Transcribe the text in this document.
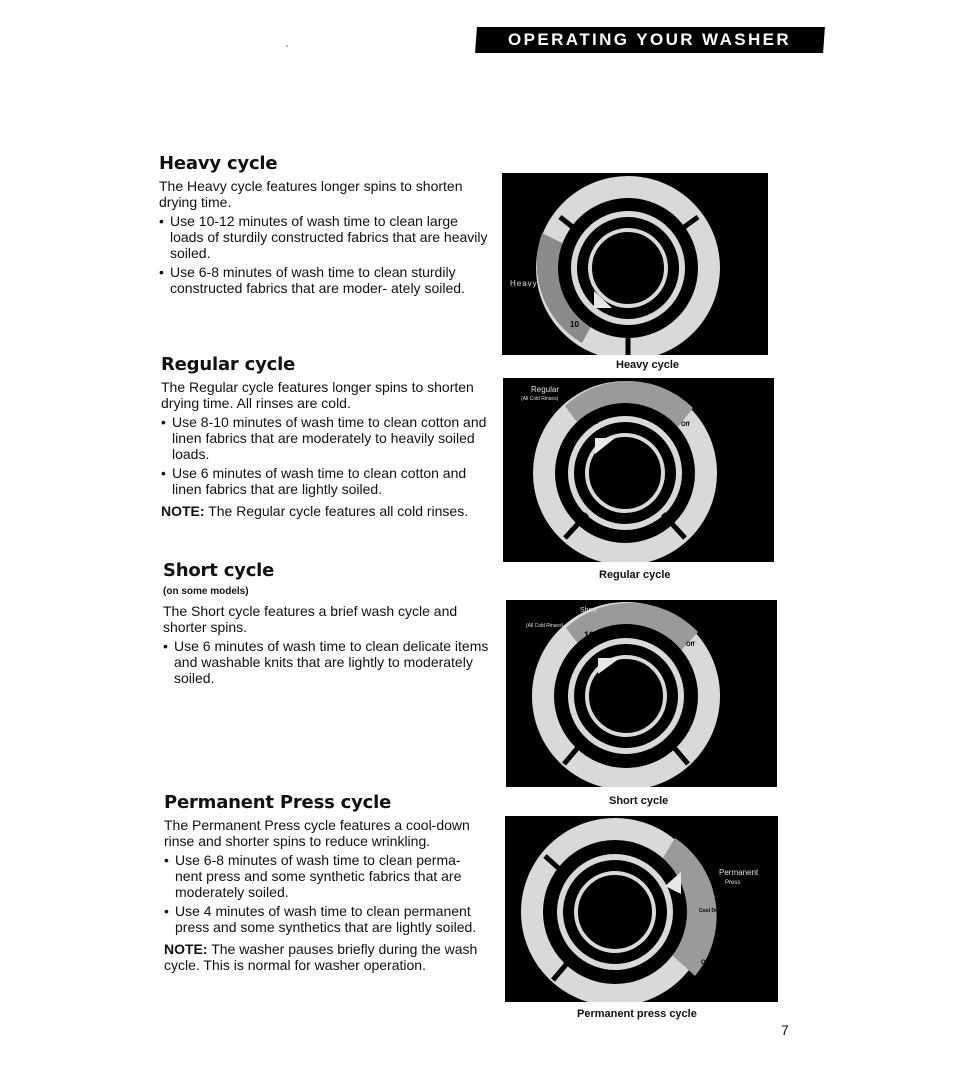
OPERATING YOUR WASHER
'
Heavy cycle

The Heavy cycle features longer spins to shorten drying time.

• Use 10-12 minutes of wash time to clean large loads of sturdily constructed fabrics that are heavily soiled.
• Use 6-8 minutes of wash time to clean sturdily constructed fabrics that are moder- ately soiled.
Regular cycle

The Regular cycle features longer spins to shorten drying time. All rinses are cold.

• Use 8-10 minutes of wash time to clean cotton and linen fabrics that are moderately to heavily soiled loads.
• Use 6 minutes of wash time to clean cotton and linen fabrics that are lightly soiled.

NOTE: The Regular cycle features all cold rinses.

Short cycle
(on some models)

The Short cycle features a brief wash cycle and shorter spins.

• Use 6 minutes of wash time to clean delicate items and washable knits that are lightly to moderately soiled.
Permanent Press cycle

The Permanent Press cycle features a cool-down rinse and shorter spins to reduce wrinkling.

• Use 6-8 minutes of wash time to clean perma- nent press and some synthetic fabrics that are moderately soiled.
• Use 4 minutes of wash time to clean permanent press and some synthetics that are lightly soiled.

NOTE: The washer pauses briefly during the wash cycle. This is normal for washer operation.

Heavy
10
Heavy cycle
Regular
(All Cold Rinses)
10	Off
Regular cycle
Short
(All Cold Rinses)
10
Off
Short cycle
Permanent
Press
Cool Down
Off
Permanent press cycle
7
